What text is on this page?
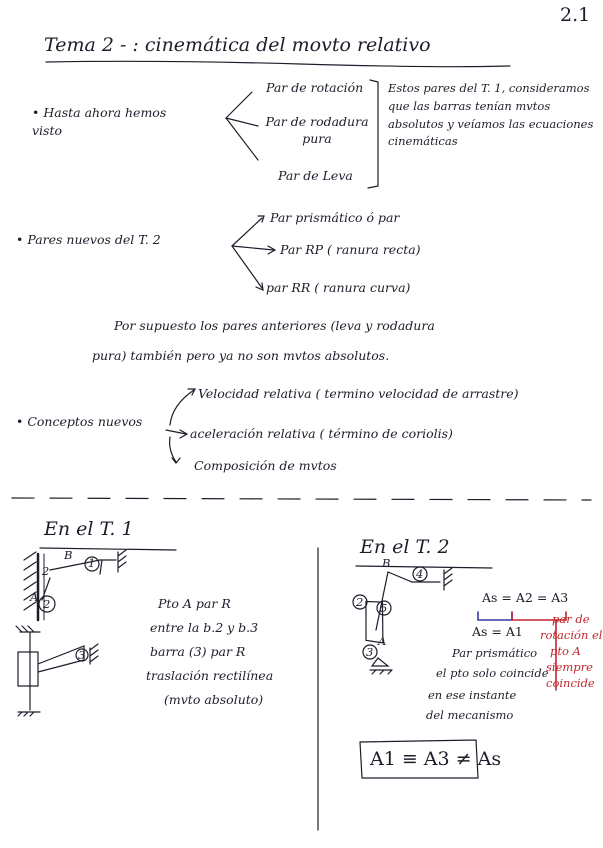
2.1
Tema 2 - : cinemática del movto relativo
• Hasta ahora hemos visto
Par de rotación
Par de rodadura pura
Par de Leva
Estos pares del T. 1, consideramos que las barras tenían mvtos absolutos y veíamos las ecuaciones cinemáticas
• Pares nuevos del T. 2
Par prismático ó par
Par RP ( ranura recta)
par RR ( ranura curva)
Por supuesto los pares anteriores (leva y rodadura
pura) también pero ya no son mvtos absolutos.
• Conceptos nuevos
Velocidad relativa ( termino velocidad de arrastre)
aceleración relativa ( término de coriolis)
Composición de mvtos
En el T. 1
2
B
1
A 2
3
Pto A par R
entre la b.2 y b.3
barra (3) par R
traslación rectilínea
(mvto absoluto)
En el T. 2
B
4
2 5
3
A
As = A2 = A3
par de
rotación el
pto A
siempre
coincide
As = A1
Par prismático
el pto solo coincide
en ese instante
del mecanismo
A1 ≡ A3 ≠ As
